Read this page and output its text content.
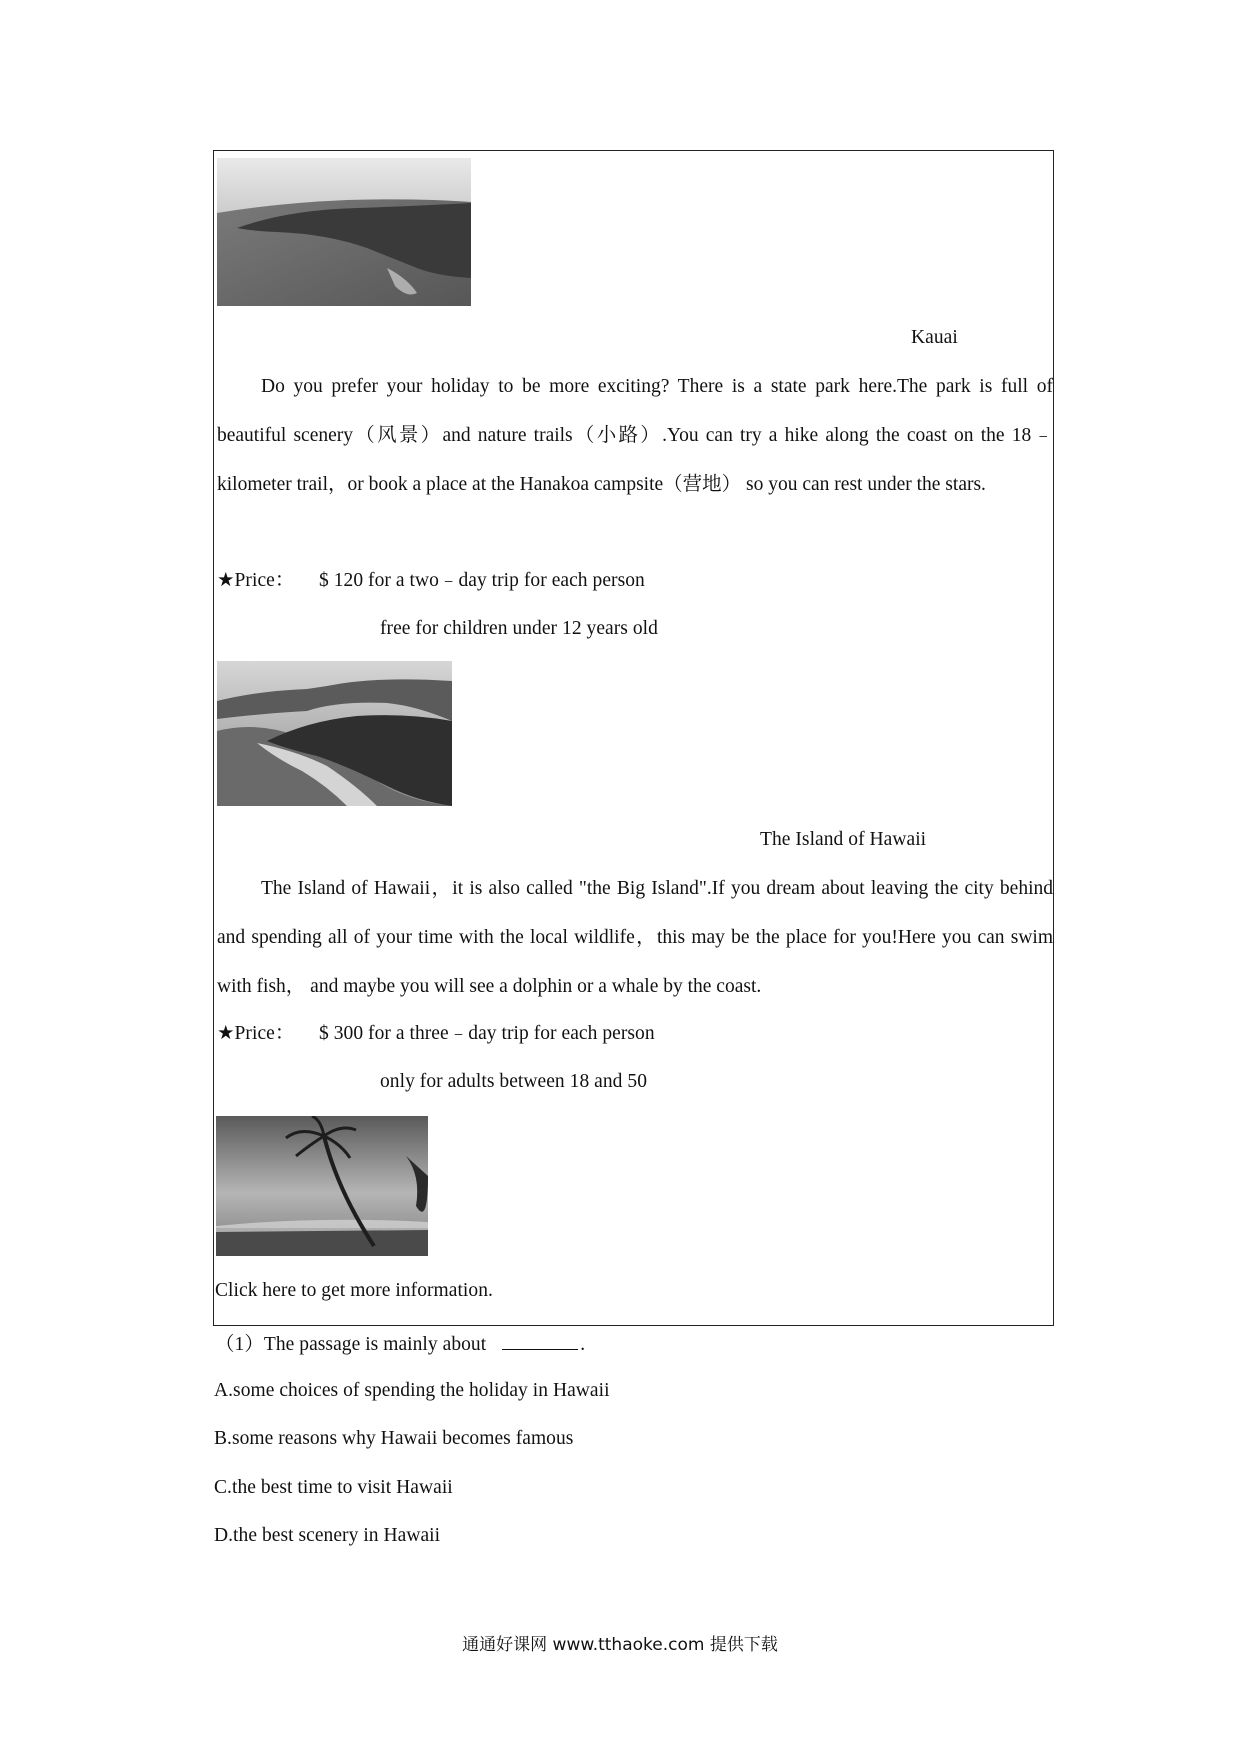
Kauai
Do you prefer your holiday to be more exciting? There is a state park here.The park is full of beautiful scenery（风景）and nature trails（小路）.You can try a hike along the coast on the 18﹣kilometer trail，or book a place at the Hanakoa campsite（营地） so you can rest under the stars.
★Price： $ 120 for a two﹣day trip for each person
free for children under 12 years old
The Island of Hawaii
The Island of Hawaii，it is also called "the Big Island".If you dream about leaving the city behind and spending all of your time with the local wildlife，this may be the place for you!Here you can swim with fish， and maybe you will see a dolphin or a whale by the coast.
★Price： $ 300 for a three﹣day trip for each person
only for adults between 18 and 50
Click here to get more information.
（1）The passage is mainly about	.
A.some choices of spending the holiday in Hawaii
B.some reasons why Hawaii becomes famous
C.the best time to visit Hawaii
D.the best scenery in Hawaii
通通好课网 www.tthaoke.com 提供下载
